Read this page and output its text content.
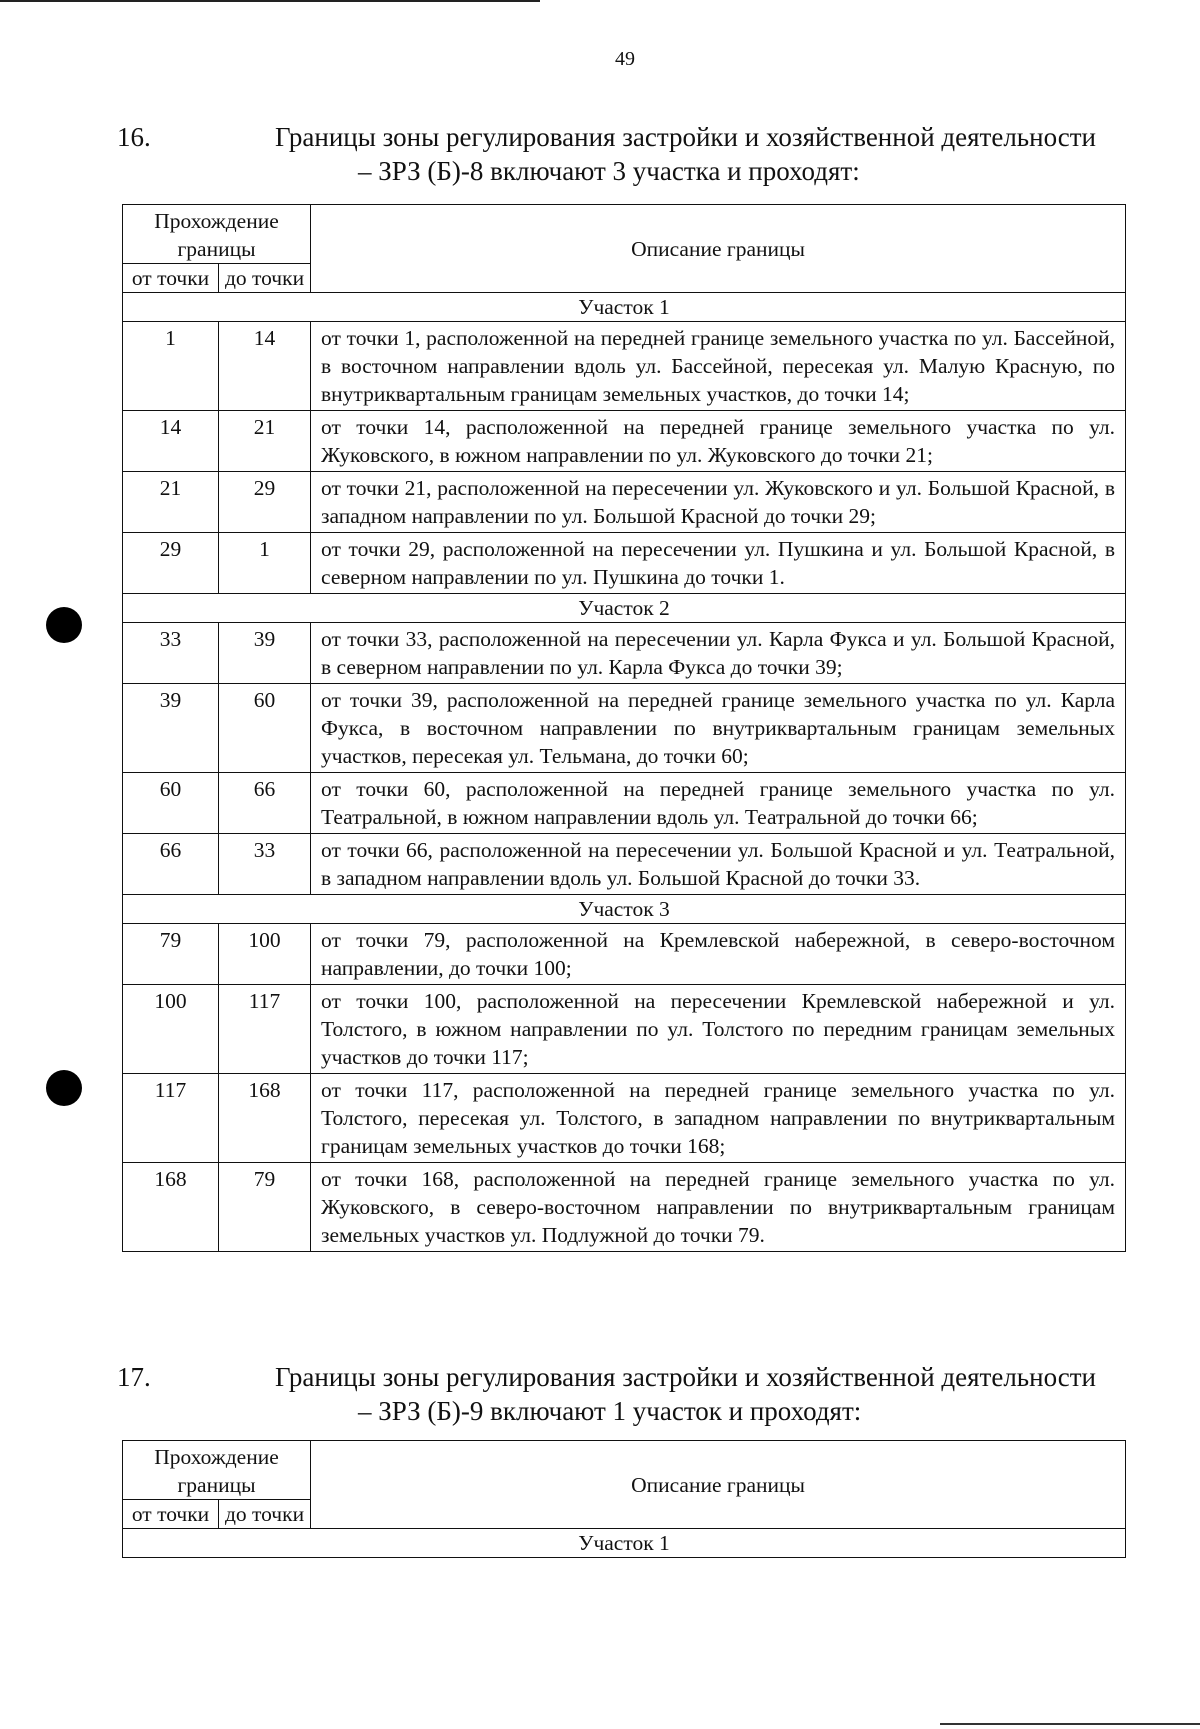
49
16.	Границы зоны регулирования застройки и хозяйственной деятельности
– ЗРЗ (Б)-8 включают 3 участка и проходят:
Прохождение границы		Описание границы
от точки	до точки	
Участок 1		
1	14	от точки 1, расположенной на передней границе земельного участка по ул. Бассейной, в восточном направлении вдоль ул. Бассейной, пересекая ул. Малую Красную, по внутриквартальным границам земельных участков, до точки 14;
14	21	от точки 14, расположенной на передней границе земельного участка по ул. Жуковского, в южном направлении по ул. Жуковского до точки 21;
21	29	от точки 21, расположенной на пересечении ул. Жуковского и ул. Большой Красной, в западном направлении по ул. Большой Красной до точки 29;
29	1	от точки 29, расположенной на пересечении ул. Пушкина и ул. Большой Красной, в северном направлении по ул. Пушкина до точки 1.
Участок 2		
33	39	от точки 33, расположенной на пересечении ул. Карла Фукса и ул. Большой Красной, в северном направлении по ул. Карла Фукса до точки 39;
39	60	от точки 39, расположенной на передней границе земельного участка по ул. Карла Фукса, в восточном направлении по внутриквартальным границам земельных участков, пересекая ул. Тельмана, до точки 60;
60	66	от точки 60, расположенной на передней границе земельного участка по ул. Театральной, в южном направлении вдоль ул. Театральной до точки 66;
66	33	от точки 66, расположенной на пересечении ул. Большой Красной и ул. Театральной, в западном направлении вдоль ул. Большой Красной до точки 33.
Участок 3		
79	100	от точки 79, расположенной на Кремлевской набережной, в северо-восточном направлении, до точки 100;
100	117	от точки 100, расположенной на пересечении Кремлевской набережной и ул. Толстого, в южном направлении по ул. Толстого по передним границам земельных участков до точки 117;
117	168	от точки 117, расположенной на передней границе земельного участка по ул. Толстого, пересекая ул. Толстого, в западном направлении по внутриквартальным границам земельных участков до точки 168;
168	79	от точки 168, расположенной на передней границе земельного участка по ул. Жуковского, в северо-восточном направлении по внутриквартальным границам земельных участков ул. Подлужной до точки 79.
17.	Границы зоны регулирования застройки и хозяйственной деятельности
– ЗРЗ (Б)-9 включают 1 участок и проходят:
Прохождение границы		Описание границы
от точки	до точки	
Участок 1		
